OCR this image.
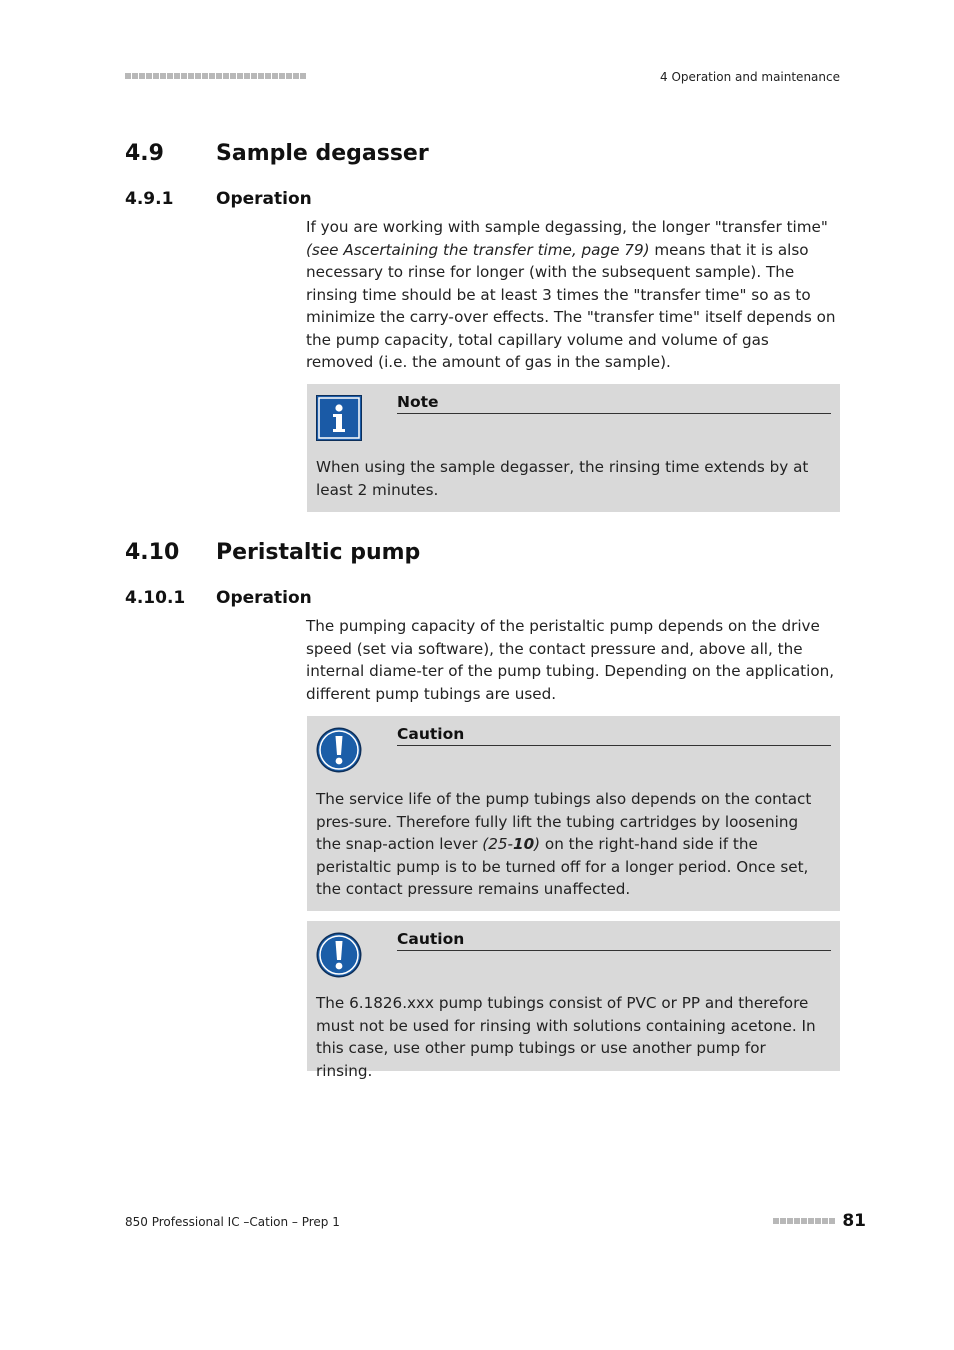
4 Operation and maintenance
4.9 Sample degasser
4.9.1	Operation

If you are working with sample degassing, the longer "transfer time" (see Ascertaining the transfer time, page 79) means that it is also necessary to rinse for longer (with the subsequent sample). The rinsing time should be at least 3 times the "transfer time" so as to minimize the carry-over effects. The "transfer time" itself depends on the pump capacity, total capillary volume and volume of gas removed (i.e. the amount of gas in the sample).

Note

When using the sample degasser, the rinsing time extends by at least 2 minutes.

4.10 Peristaltic pump
4.10.1 Operation

The pumping capacity of the peristaltic pump depends on the drive speed (set via software), the contact pressure and, above all, the internal diame-ter of the pump tubing. Depending on the application, different pump tubings are used.

Caution

The service life of the pump tubings also depends on the contact pres-sure. Therefore fully lift the tubing cartridges by loosening the snap-action lever (25-10) on the right-hand side if the peristaltic pump is to be turned off for a longer period. Once set, the contact pressure remains unaffected.

Caution

The 6.1826.xxx pump tubings consist of PVC or PP and therefore must not be used for rinsing with solutions containing acetone. In this case, use other pump tubings or use another pump for rinsing.

850 Professional IC –Cation – Prep 1	81
